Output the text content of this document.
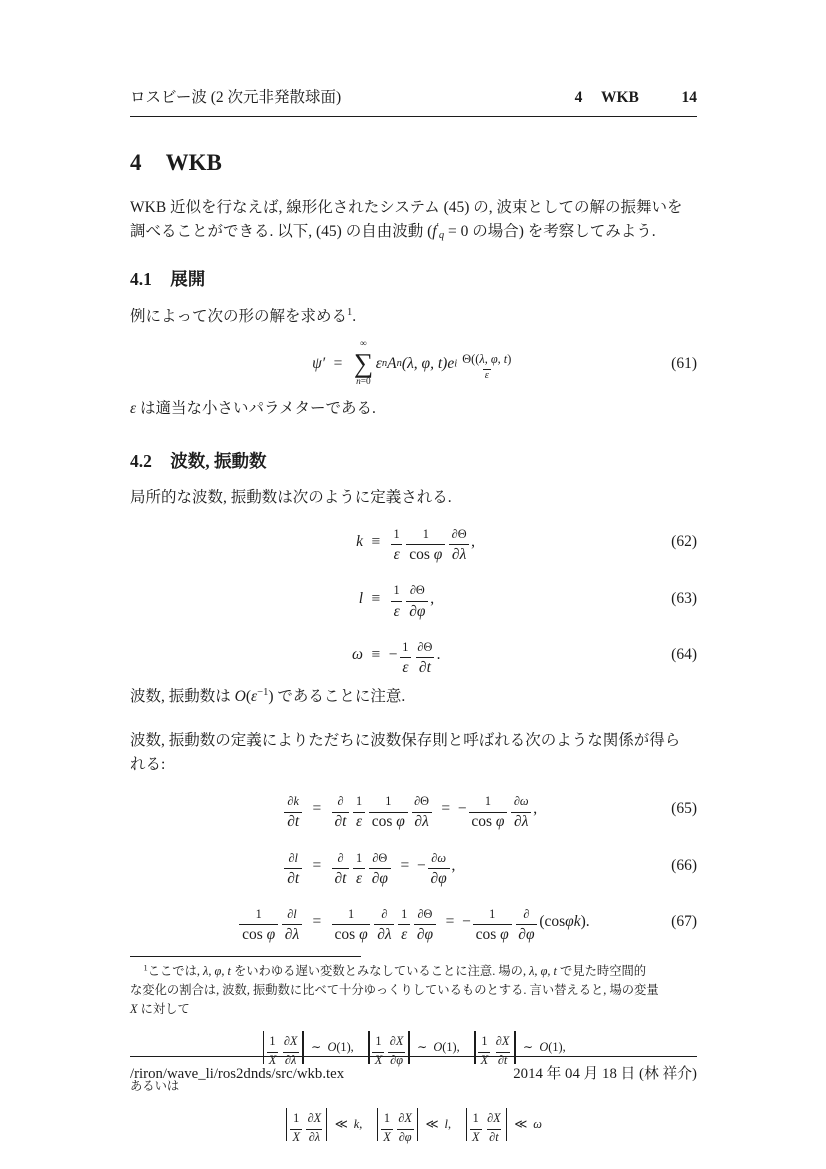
ロスビー波 (2 次元非発散球面)	4 WKB	14
4 WKB

WKB 近似を行なえば, 線形化されたシステム (45) の, 波束としての解の振舞いを
調べることができる. 以下, (45) の自由波動 (f′q = 0 の場合) を考察してみよう.

4.1 展開

例によって次の形の解を求める$^1$.

ψ′ =
∞
∑
n=0
ε n A n (λ, φ, t) e i $\frac{\Theta((\lambda, \varphi, t)}{\varepsilon}$	(61)

ε は適当な小さいパラメターである.

4.2 波数, 振動数

局所的な波数, 振動数は次のように定義される.

$k \equiv \frac{1}{\varepsilon} \frac{1}{\text{cos φ}} \frac{\partial\Theta}{\partial\lambda}$ ,	(62)
$l \equiv \frac{1}{\varepsilon} \frac{\partial\Theta}{\partial\varphi}$ ,	(63)
ω ≡ − $\frac{1}{\varepsilon} \frac{\partial\Theta}{\partial t}$ .	(64)

波数, 振動数は $O(\varepsilon^{-1})$ であることに注意.

波数, 振動数の定義によりただちに波数保存則と呼ばれる次のような関係が得ら
れる:

$\frac{\partial k}{\partial t} = \frac{\partial}{\partial t} \frac{1}{\varepsilon} \frac{1}{\text{cos φ}} \frac{\partial\Theta}{\partial\lambda}$ = − $\frac{1}{\text{cos φ}} \frac{\partial\omega}{\partial\lambda}$ ,	(65)
$\frac{\partial l}{\partial t} = \frac{\partial}{\partial t} \frac{1}{\varepsilon} \frac{\partial\Theta}{\partial\varphi}$ = − $\frac{\partial\omega}{\partial\varphi}$ ,	(66)
$\frac{1}{\text{cos φ}} \frac{\partial l}{\partial\lambda} = \frac{1}{\text{cos φ}} \frac{\partial}{\partial\lambda} \frac{1}{\varepsilon} \frac{\partial\Theta}{\partial\varphi}$ = − $\frac{1}{\text{cos φ}} \frac{\partial}{\partial\varphi} (\cos$ φk ).	(67)
$^1$ここでは, λ, φ, t をいわゆる遅い変数とみなしていることに注意. 場の, λ, φ, t で見た時空間的
な変化の割合は, 波数, 振動数に比べて十分ゆっくりしているものとする. 言い替えると, 場の変量
X に対して
$\frac{1}{X} \frac{\partial X}{\partial\lambda}$ ∼ O (1), $\frac{1}{X} \frac{\partial X}{\partial\varphi}$ ∼ O (1), $\frac{1}{X} \frac{\partial X}{\partial t}$ ∼ O (1),

あるいは

$\frac{1}{X} \frac{\partial X}{\partial\lambda}$ ≪ k , $\frac{1}{X} \frac{\partial X}{\partial\varphi}$ ≪ l , $\frac{1}{X} \frac{\partial X}{\partial t}$ ≪ ω
/riron/wave_li/ros2dnds/src/wkb.tex	2014 年 04 月 18 日 (林 祥介)
